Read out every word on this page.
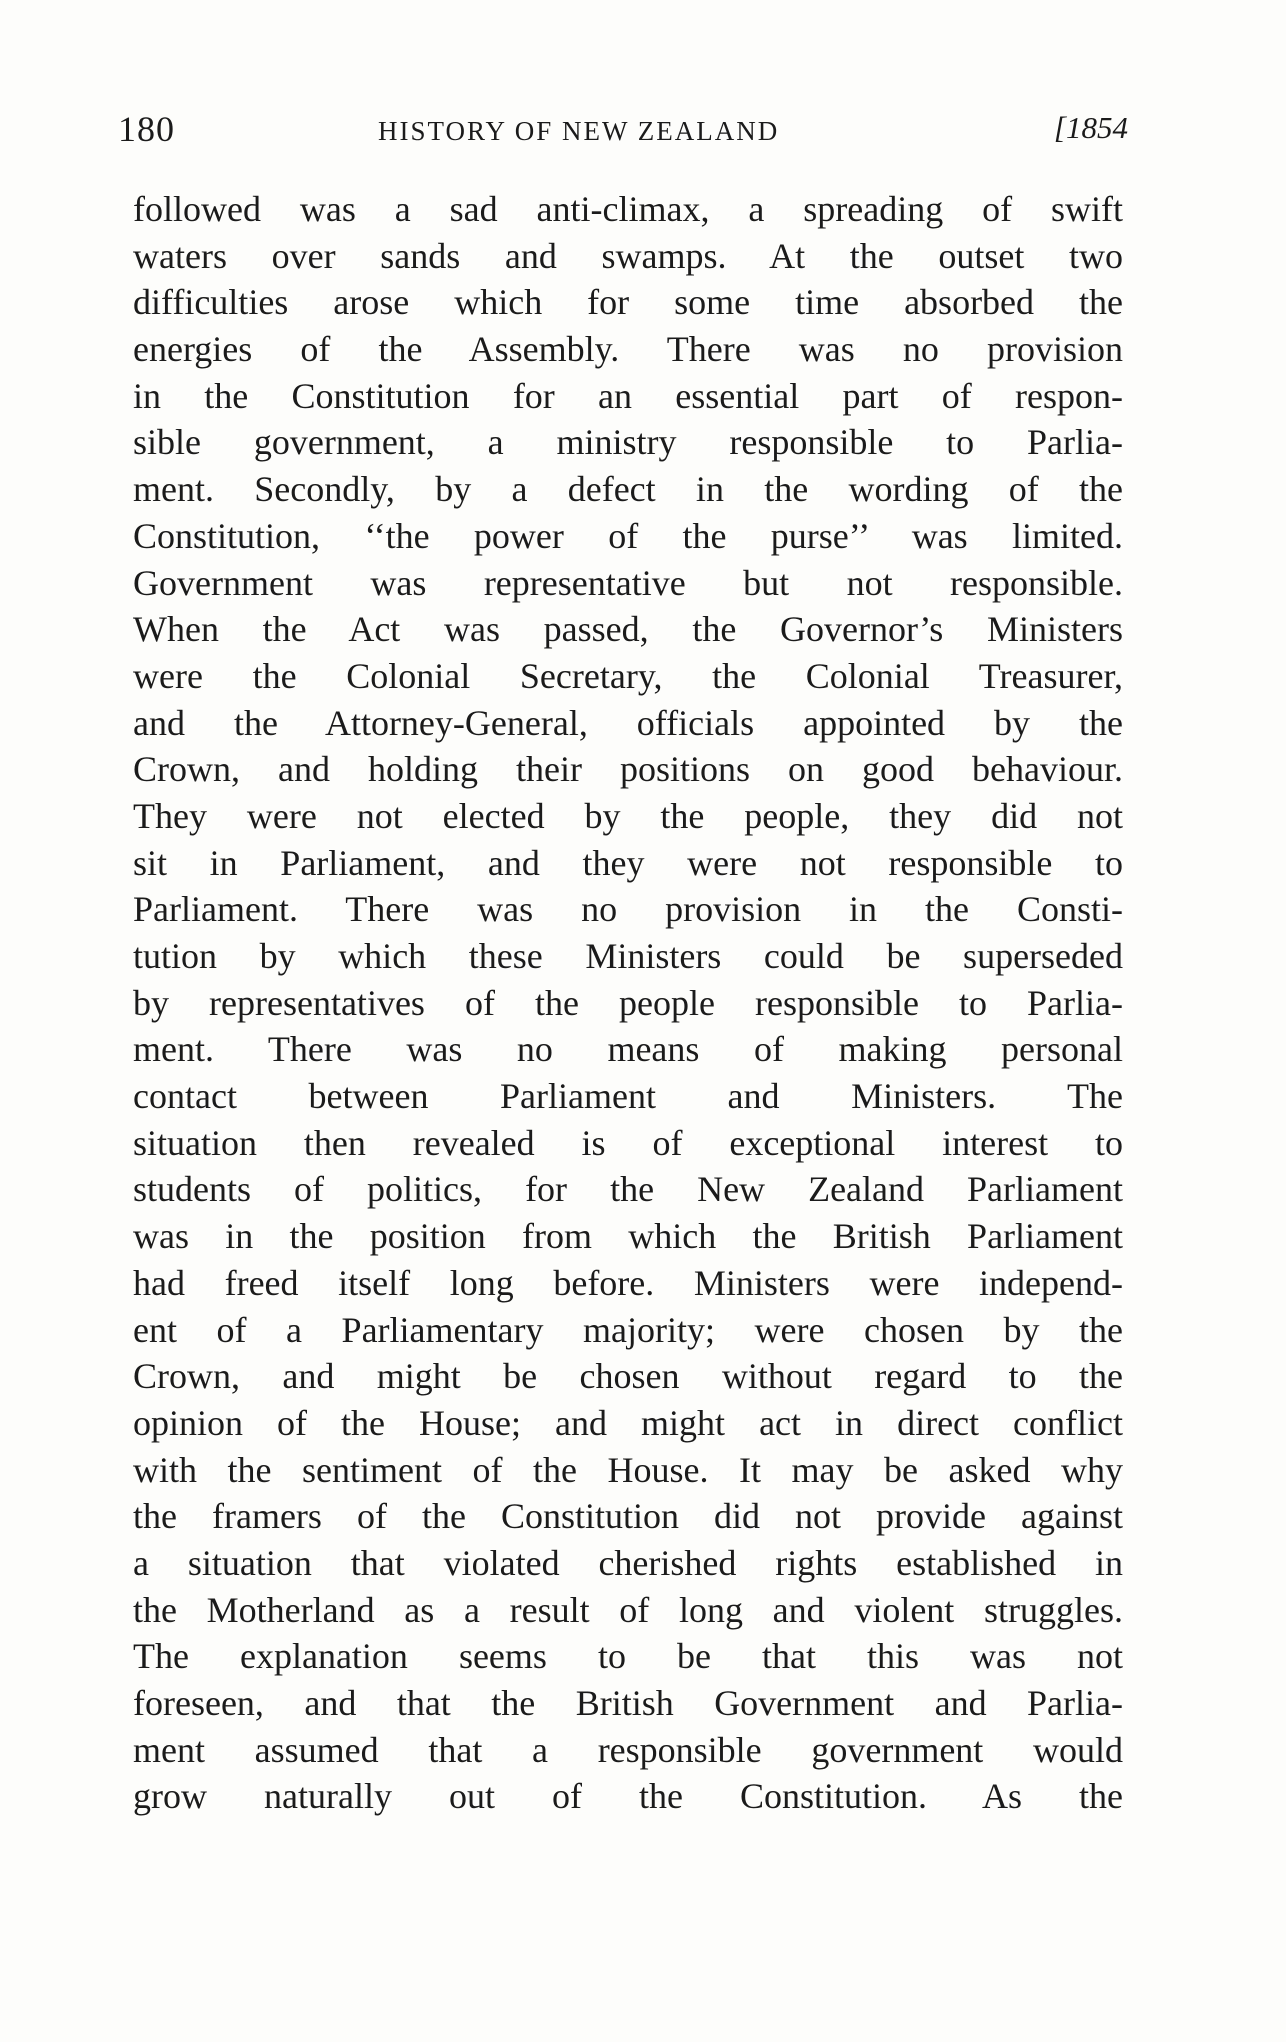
180	HISTORY OF NEW ZEALAND	[1854
followed was a sad anti-climax, a spreading of swift
waters over sands and swamps. At the outset two
difficulties arose which for some time absorbed the
energies of the Assembly. There was no provision
in the Constitution for an essential part of respon-
sible government, a ministry responsible to Parlia-
ment. Secondly, by a defect in the wording of the
Constitution, ‘‘the power of the purse’’ was limited.
Government was representative but not responsible.
When the Act was passed, the Governor’s Ministers
were the Colonial Secretary, the Colonial Treasurer,
and the Attorney-General, officials appointed by the
Crown, and holding their positions on good behaviour.
They were not elected by the people, they did not
sit in Parliament, and they were not responsible to
Parliament. There was no provision in the Consti-
tution by which these Ministers could be superseded
by representatives of the people responsible to Parlia-
ment. There was no means of making personal
contact between Parliament and Ministers. The
situation then revealed is of exceptional interest to
students of politics, for the New Zealand Parliament
was in the position from which the British Parliament
had freed itself long before. Ministers were independ-
ent of a Parliamentary majority; were chosen by the
Crown, and might be chosen without regard to the
opinion of the House; and might act in direct conflict
with the sentiment of the House. It may be asked why
the framers of the Constitution did not provide against
a situation that violated cherished rights established in
the Motherland as a result of long and violent struggles.
The explanation seems to be that this was not
foreseen, and that the British Government and Parlia-
ment assumed that a responsible government would
grow naturally out of the Constitution. As the
